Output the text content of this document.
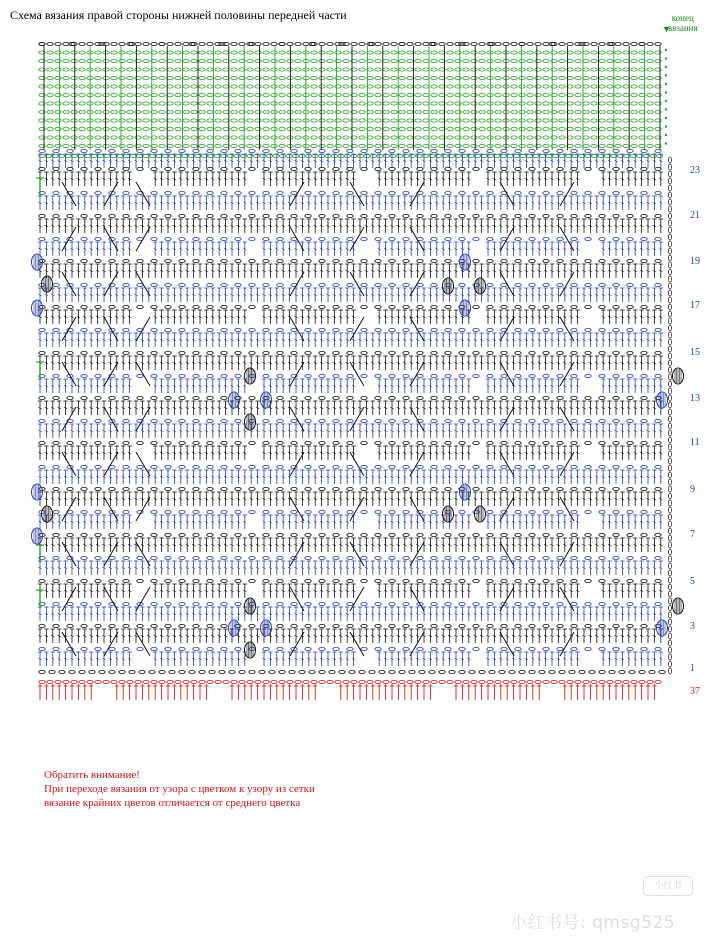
Схема вязания правой стороны нижней половины передней части	конец
вязания
▼
23
21
19
17
15
13
11
9
7
5
3
1
37
Обратить внимание!
При переходе вязания от узора с цветком к узору из сетки
вязание крайних цветов отличается от среднего цветка
小红书
小红书号: qmsg525
